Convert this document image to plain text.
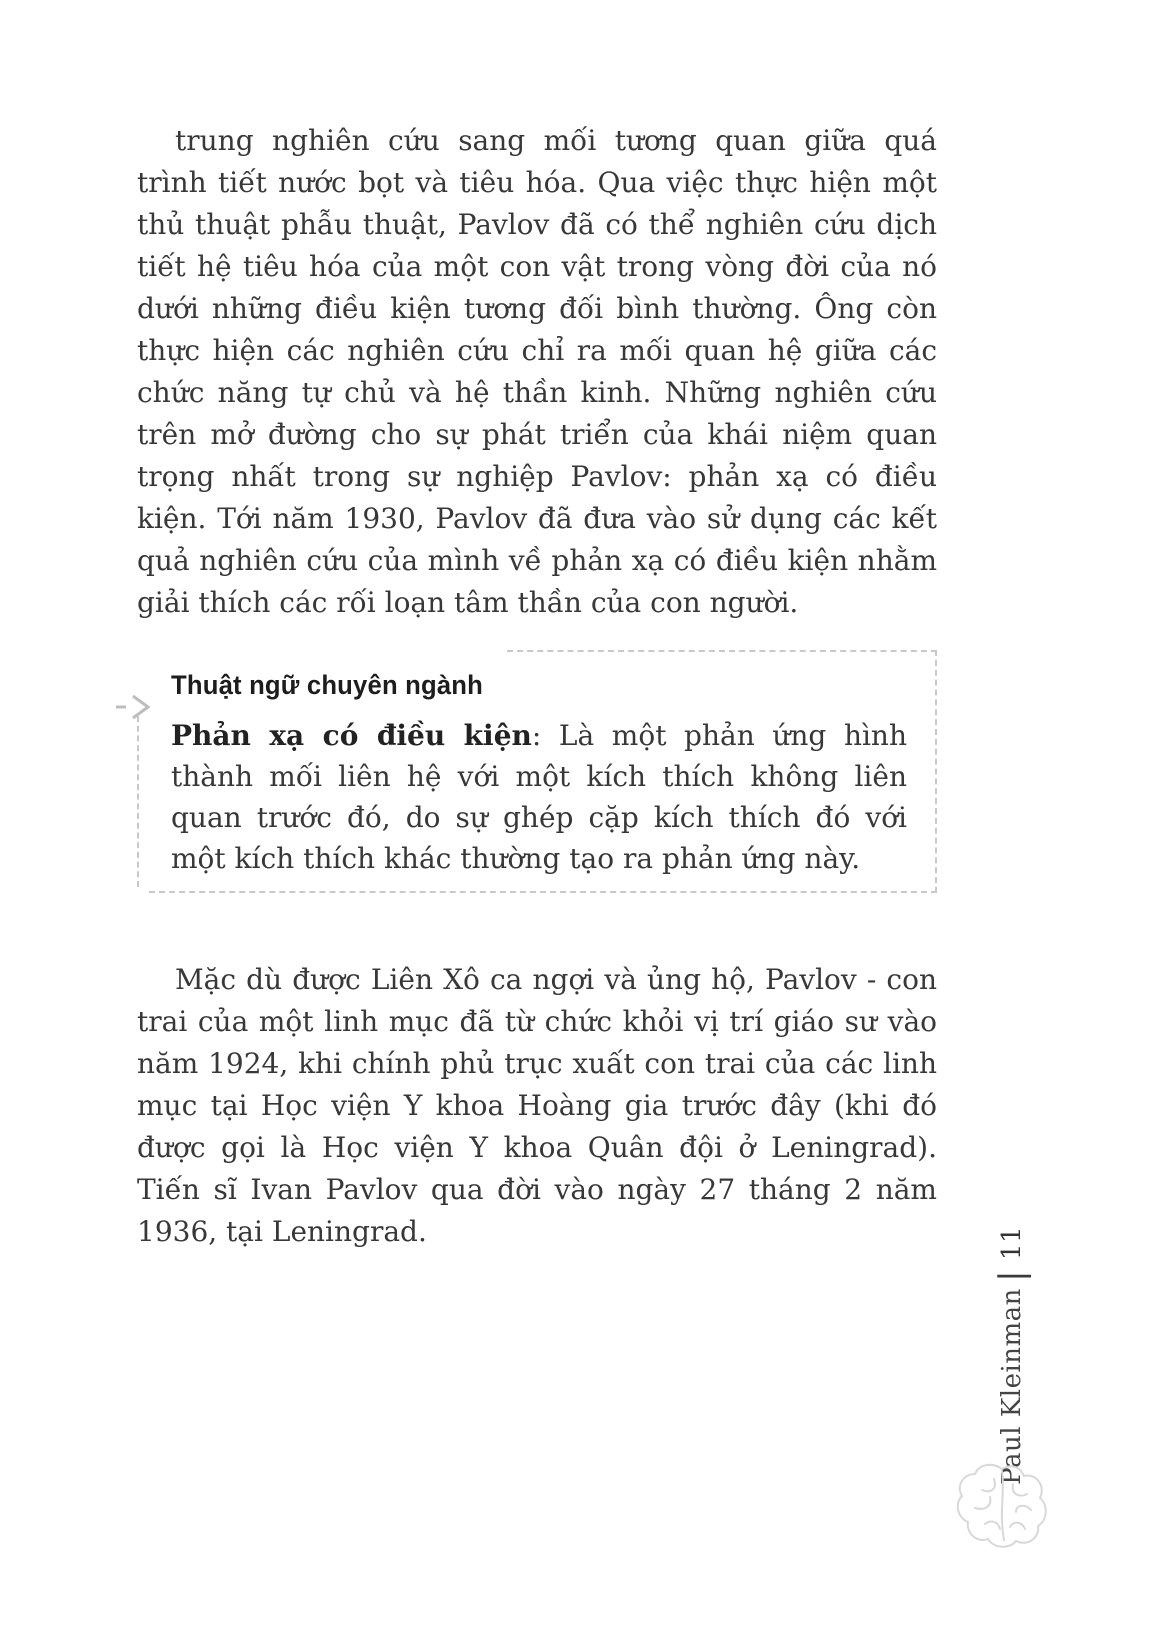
trung nghiên cứu sang mối tương quan giữa quá trình tiết nước bọt và tiêu hóa. Qua việc thực hiện một thủ thuật phẫu thuật, Pavlov đã có thể nghiên cứu dịch tiết hệ tiêu hóa của một con vật trong vòng đời của nó dưới những điều kiện tương đối bình thường. Ông còn thực hiện các nghiên cứu chỉ ra mối quan hệ giữa các chức năng tự chủ và hệ thần kinh. Những nghiên cứu trên mở đường cho sự phát triển của khái niệm quan trọng nhất trong sự nghiệp Pavlov: phản xạ có điều kiện. Tới năm 1930, Pavlov đã đưa vào sử dụng các kết quả nghiên cứu của mình về phản xạ có điều kiện nhằm giải thích các rối loạn tâm thần của con người.

Thuật ngữ chuyên ngành

Phản xạ có điều kiện: Là một phản ứng hình thành mối liên hệ với một kích thích không liên quan trước đó, do sự ghép cặp kích thích đó với một kích thích khác thường tạo ra phản ứng này.

Mặc dù được Liên Xô ca ngợi và ủng hộ, Pavlov - con trai của một linh mục đã từ chức khỏi vị trí giáo sư vào năm 1924, khi chính phủ trục xuất con trai của các linh mục tại Học viện Y khoa Hoàng gia trước đây (khi đó được gọi là Học viện Y khoa Quân đội ở Leningrad). Tiến sĩ Ivan Pavlov qua đời vào ngày 27 tháng 2 năm 1936, tại Leningrad.

Paul Kleinman|11
